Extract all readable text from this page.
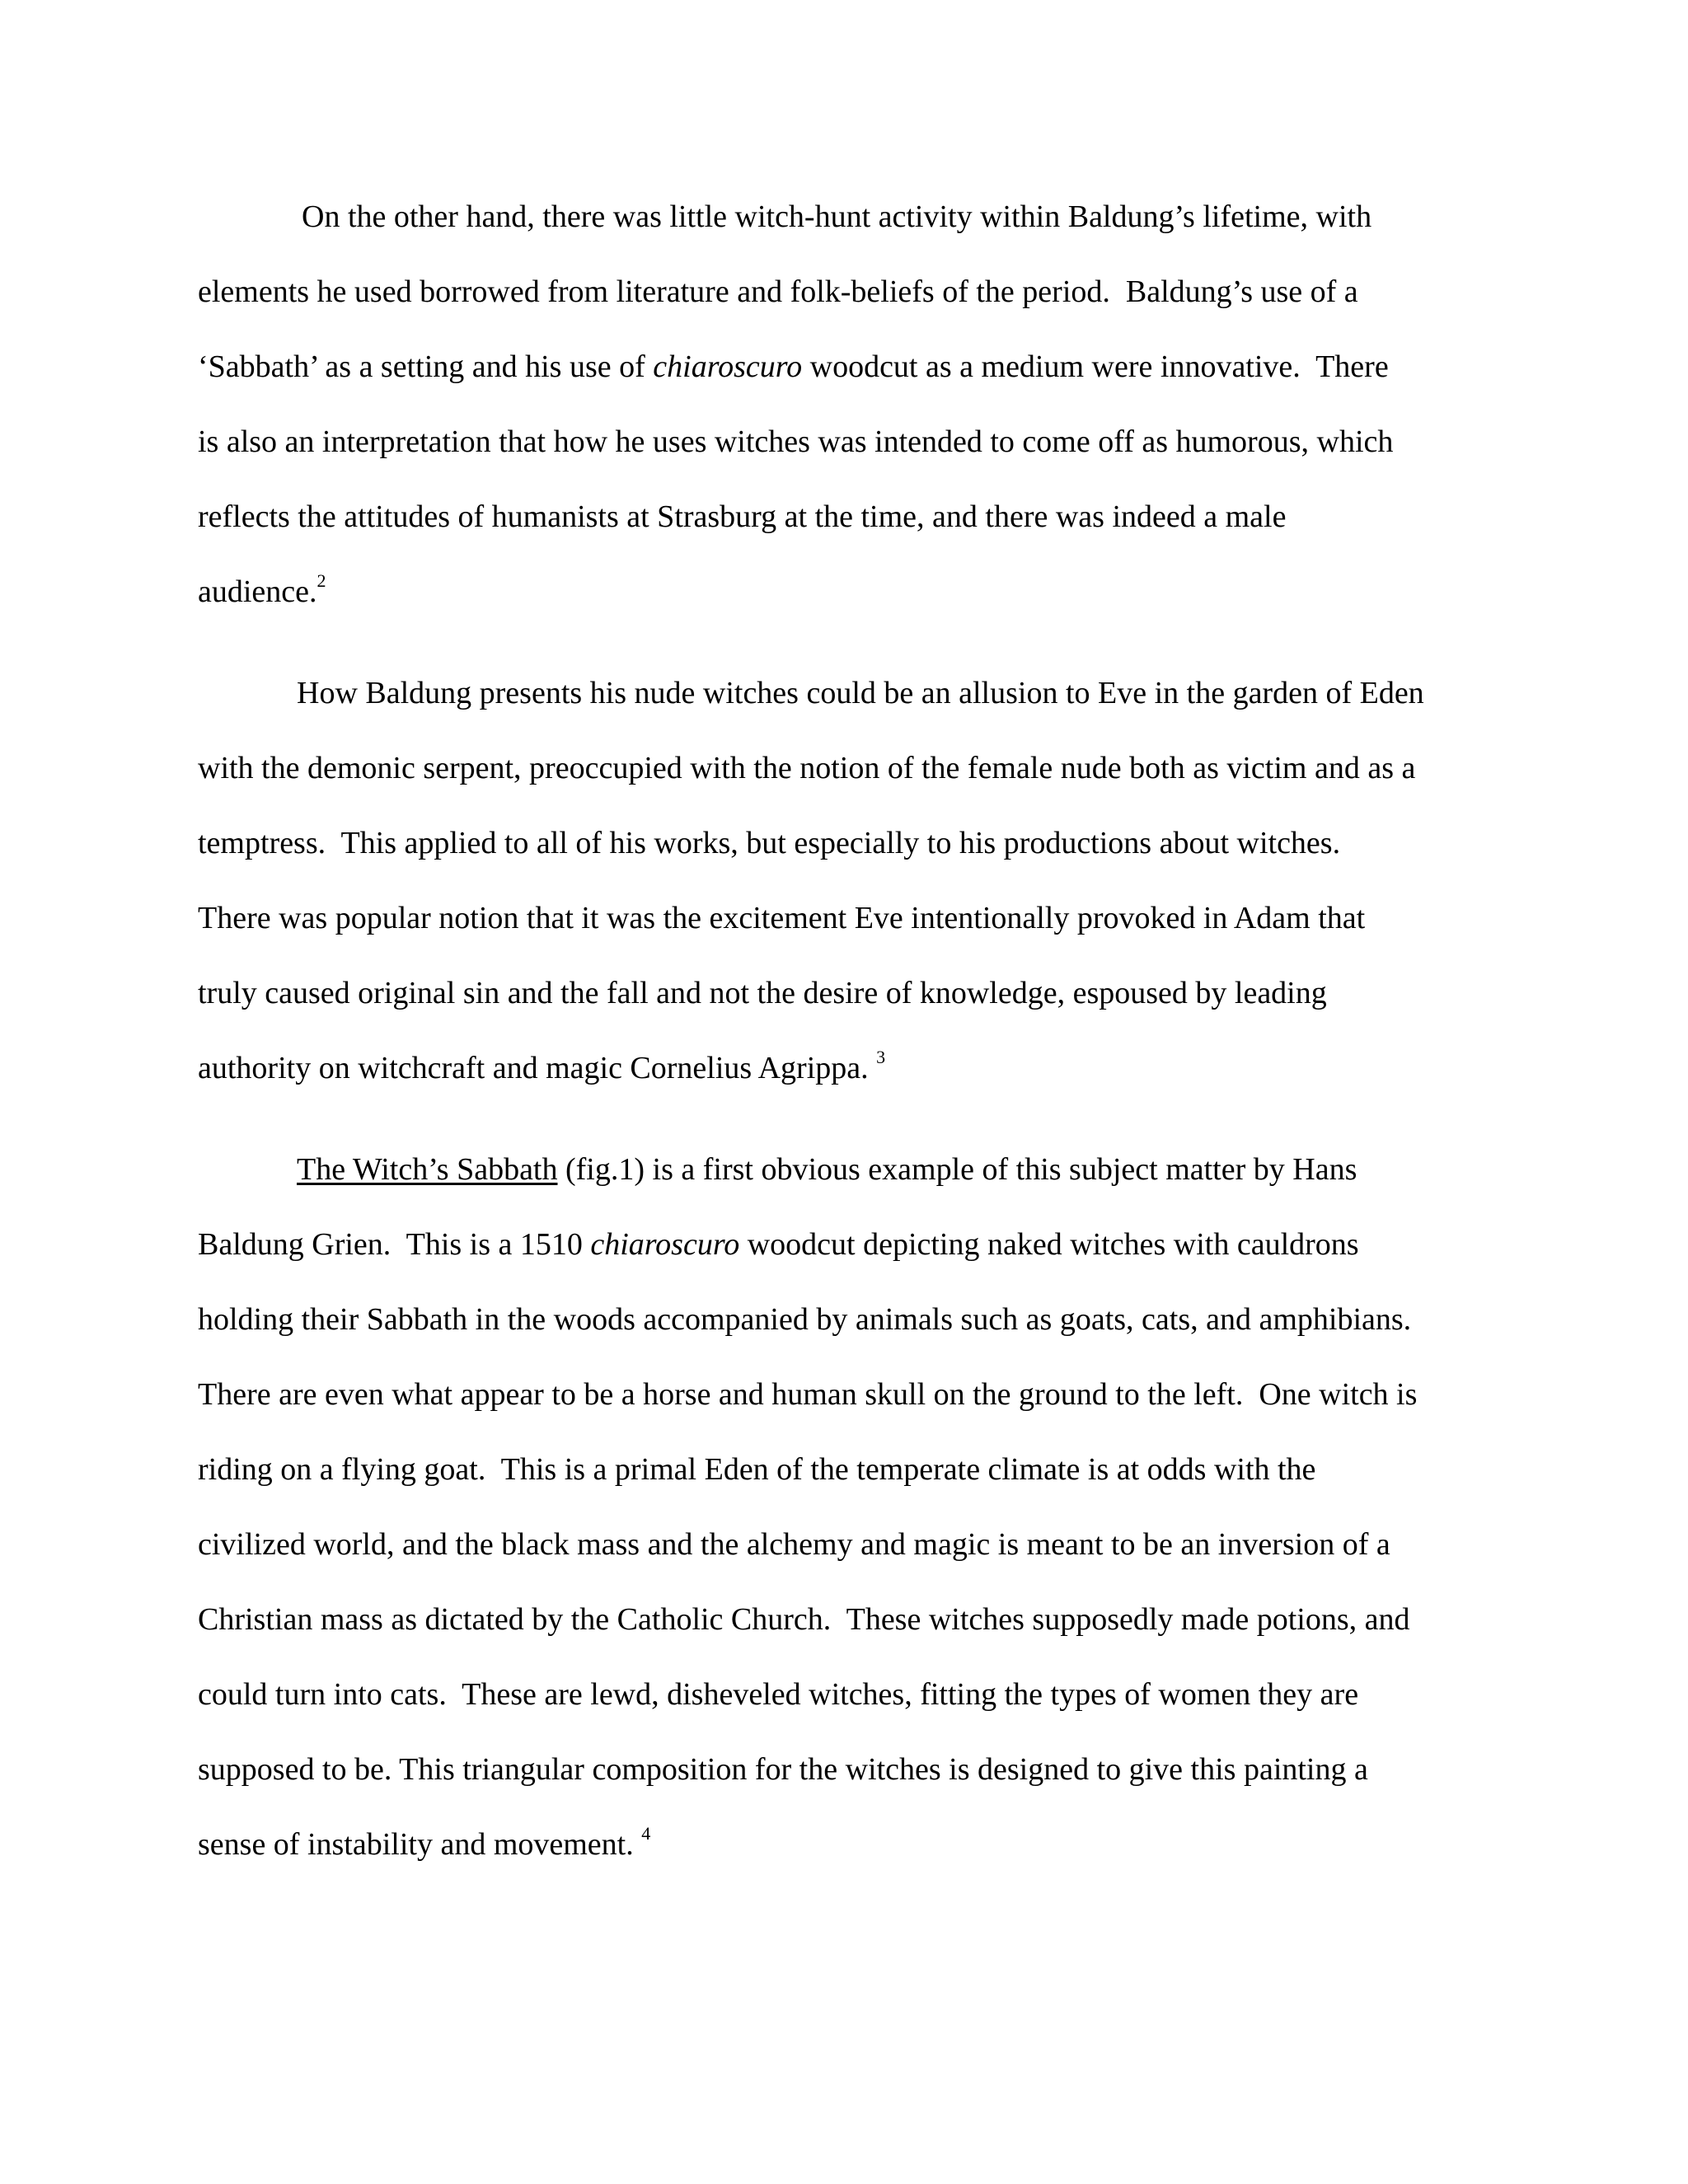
On the other hand, there was little witch-hunt activity within Baldung’s lifetime, with
elements he used borrowed from literature and folk-beliefs of the period.  Baldung’s use of a
‘Sabbath’ as a setting and his use of chiaroscuro woodcut as a medium were innovative.  There
is also an interpretation that how he uses witches was intended to come off as humorous, which
reflects the attitudes of humanists at Strasburg at the time, and there was indeed a male
audience.$^2$
How Baldung presents his nude witches could be an allusion to Eve in the garden of Eden
with the demonic serpent, preoccupied with the notion of the female nude both as victim and as a
temptress.  This applied to all of his works, but especially to his productions about witches.
There was popular notion that it was the excitement Eve intentionally provoked in Adam that
truly caused original sin and the fall and not the desire of knowledge, espoused by leading
authority on witchcraft and magic Cornelius Agrippa. $^3$
The Witch’s Sabbath (fig.1) is a first obvious example of this subject matter by Hans
Baldung Grien.  This is a 1510 chiaroscuro woodcut depicting naked witches with cauldrons
holding their Sabbath in the woods accompanied by animals such as goats, cats, and amphibians.
There are even what appear to be a horse and human skull on the ground to the left.  One witch is
riding on a flying goat.  This is a primal Eden of the temperate climate is at odds with the
civilized world, and the black mass and the alchemy and magic is meant to be an inversion of a
Christian mass as dictated by the Catholic Church.  These witches supposedly made potions, and
could turn into cats.  These are lewd, disheveled witches, fitting the types of women they are
supposed to be. This triangular composition for the witches is designed to give this painting a
sense of instability and movement. $^4$
